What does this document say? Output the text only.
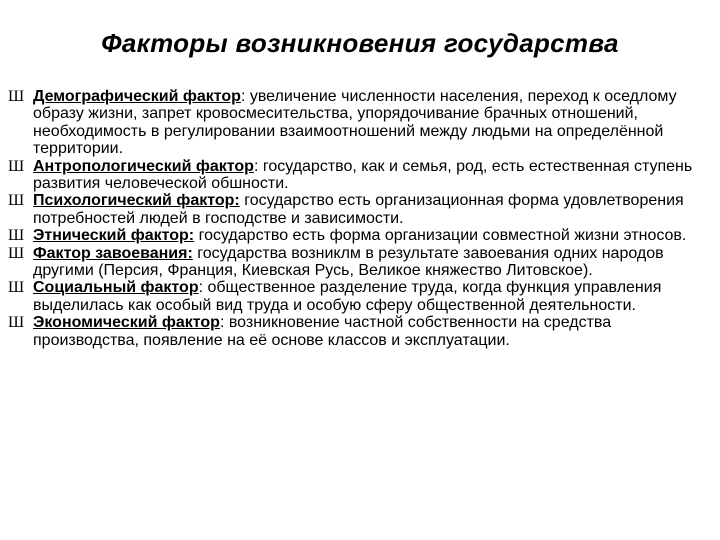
Факторы возникновения государства
Ш Демографический фактор: увеличение численности населения, переход к оседлому образу жизни, запрет кровосмесительства, упорядочивание брачных отношений, необходимость в регулировании взаимоотношений между людьми на определённой территории.
Ш Антропологический фактор: государство, как и семья, род, есть естественная ступень развития человеческой обшности.
Ш Психологический фактор: государство есть организационная форма удовлетворения потребностей людей в господстве и зависимости.
Ш Этнический фактор: государство есть форма организации совместной жизни этносов.
Ш Фактор завоевания: государства возниклм в результате завоевания одних народов другими (Персия, Франция, Киевская Русь, Великое княжество Литовское).
Ш Социальный фактор: общественное разделение труда, когда функция управления выделилась как особый вид труда и особую сферу общественной деятельности.
Ш Экономический фактор: возникновение частной собственности на средства производства, появление на её основе классов и эксплуатации.
